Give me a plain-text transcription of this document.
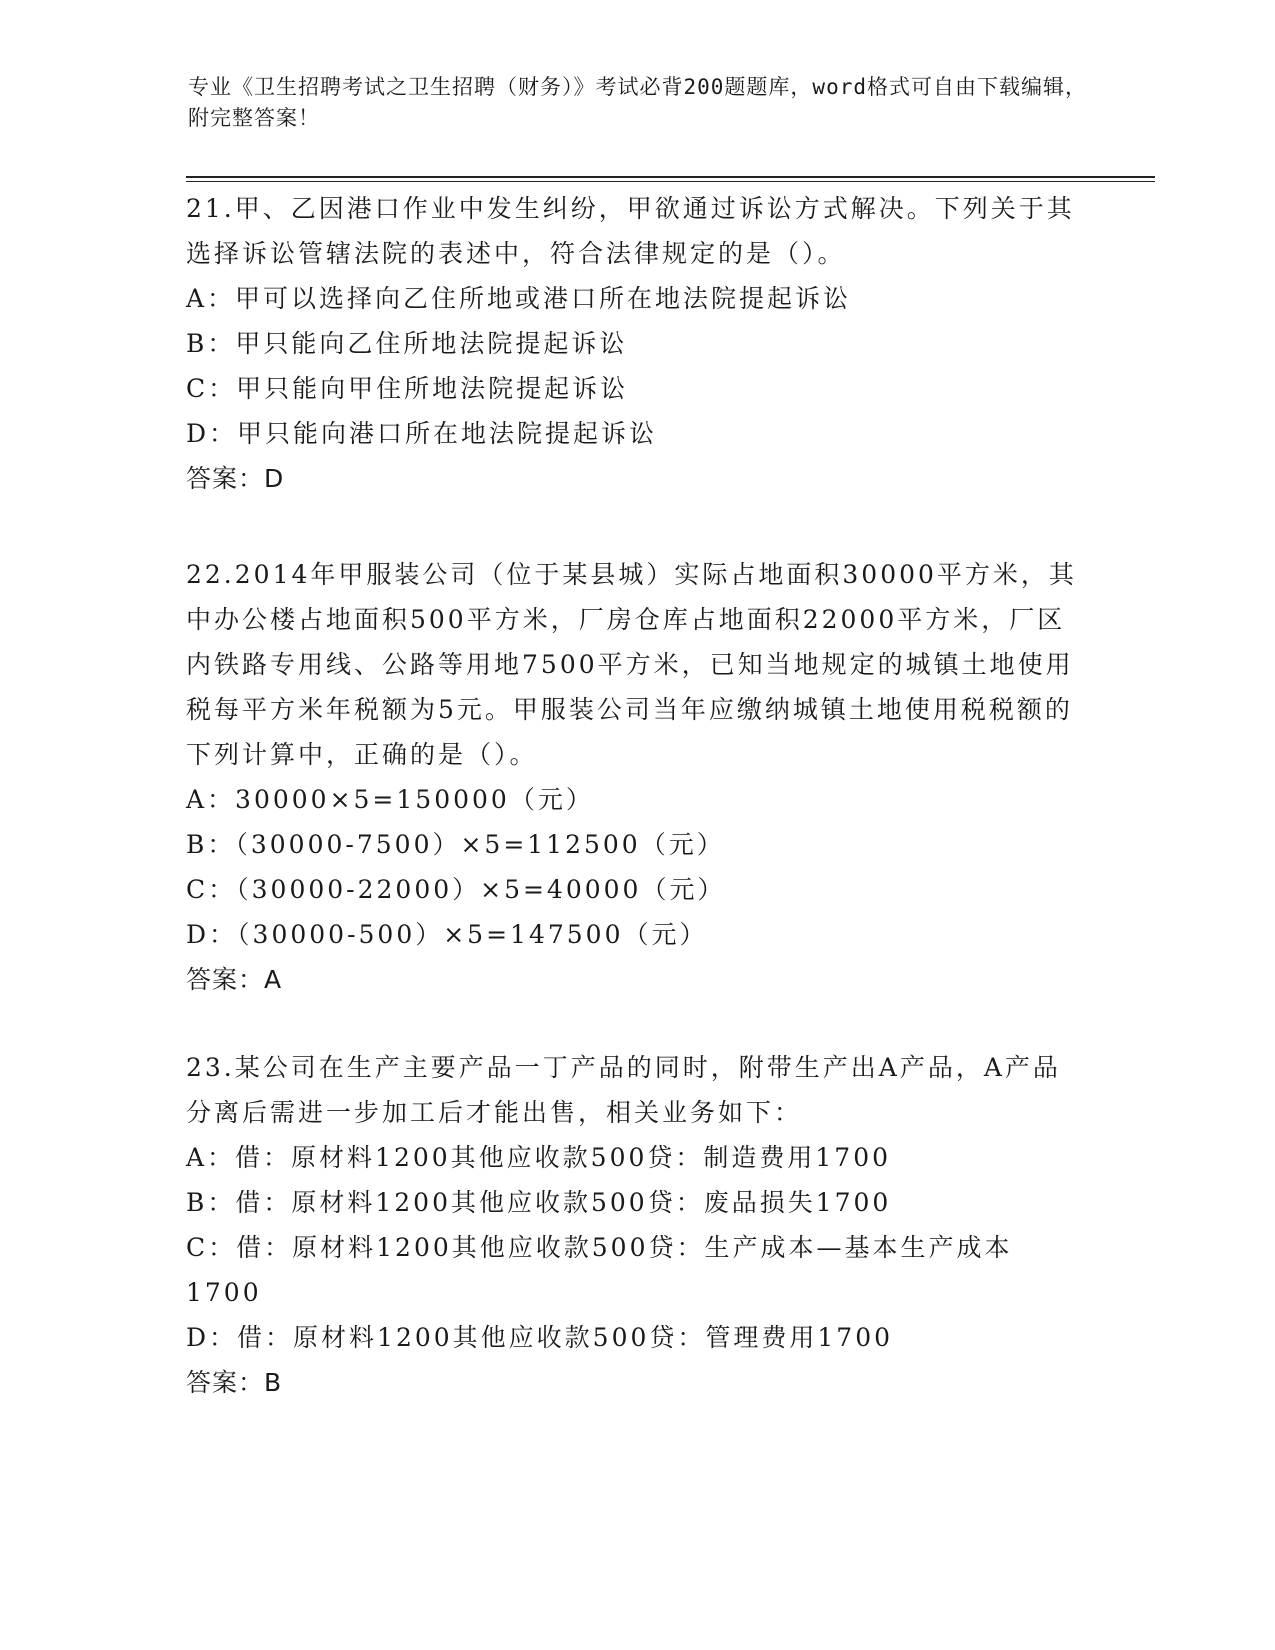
专业《卫生招聘考试之卫生招聘（财务）》考试必背200题题库，word格式可自由下载编辑，附完整答案！

21.甲、乙因港口作业中发生纠纷，甲欲通过诉讼方式解决。下列关于其选择诉讼管辖法院的表述中，符合法律规定的是（）。

A：甲可以选择向乙住所地或港口所在地法院提起诉讼

B：甲只能向乙住所地法院提起诉讼

C：甲只能向甲住所地法院提起诉讼

D：甲只能向港口所在地法院提起诉讼

答案：D

22.2014年甲服装公司（位于某县城）实际占地面积30000平方米，其中办公楼占地面积500平方米，厂房仓库占地面积22000平方米，厂区内铁路专用线、公路等用地7500平方米，已知当地规定的城镇土地使用税每平方米年税额为5元。甲服装公司当年应缴纳城镇土地使用税税额的下列计算中，正确的是（）。

A：30000×5=150000（元）

B：（30000-7500）×5=112500（元）

C：（30000-22000）×5=40000（元）

D：（30000-500）×5=147500（元）

答案：A

23.某公司在生产主要产品一丁产品的同时，附带生产出A产品，A产品分离后需进一步加工后才能出售，相关业务如下：

A：借：原材料1200其他应收款500贷：制造费用1700

B：借：原材料1200其他应收款500贷：废品损失1700

C：借：原材料1200其他应收款500贷：生产成本—基本生产成本1700

D：借：原材料1200其他应收款500贷：管理费用1700

答案：B
